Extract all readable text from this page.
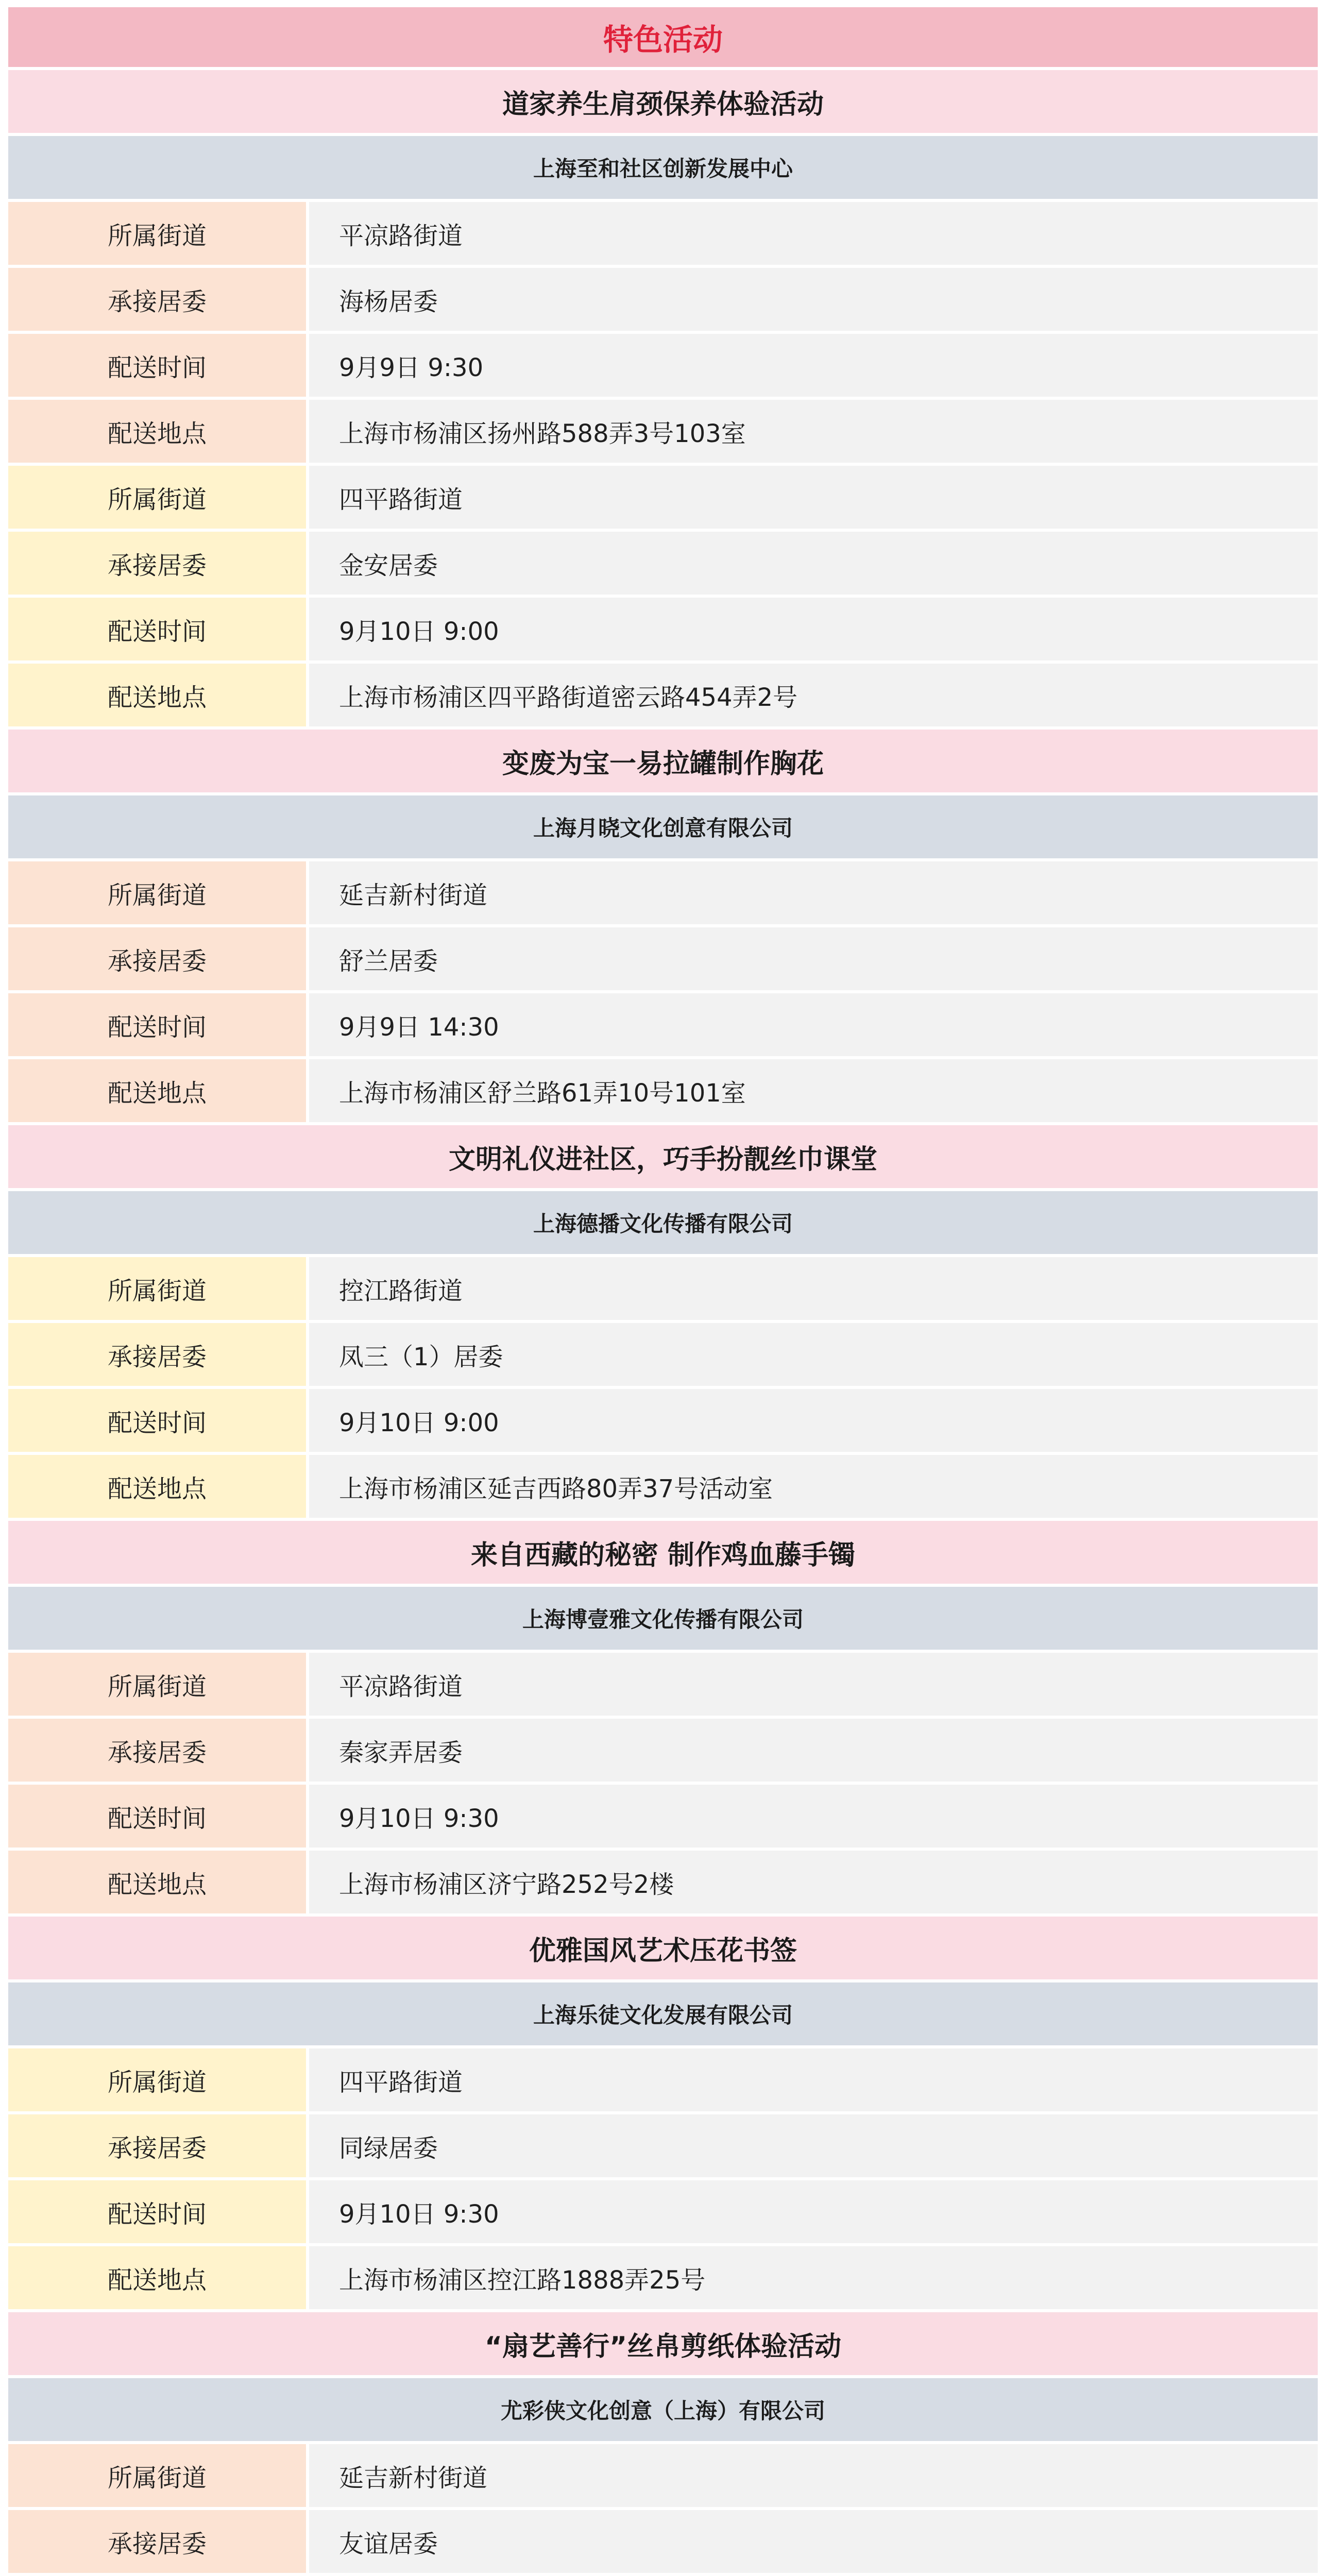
特色活动
道家养生肩颈保养体验活动
上海至和社区创新发展中心
所属街道	平凉路街道
承接居委	海杨居委
配送时间	9月9日 9:30
配送地点	上海市杨浦区扬州路588弄3号103室
所属街道	四平路街道
承接居委	金安居委
配送时间	9月10日 9:00
配送地点	上海市杨浦区四平路街道密云路454弄2号
变废为宝一易拉罐制作胸花
上海月晓文化创意有限公司
所属街道	延吉新村街道
承接居委	舒兰居委
配送时间	9月9日 14:30
配送地点	上海市杨浦区舒兰路61弄10号101室
文明礼仪进社区，巧手扮靓丝巾课堂
上海德播文化传播有限公司
所属街道	控江路街道
承接居委	凤三（1）居委
配送时间	9月10日 9:00
配送地点	上海市杨浦区延吉西路80弄37号活动室
来自西藏的秘密 制作鸡血藤手镯
上海博壹雅文化传播有限公司
所属街道	平凉路街道
承接居委	秦家弄居委
配送时间	9月10日 9:30
配送地点	上海市杨浦区济宁路252号2楼
优雅国风艺术压花书签
上海乐徒文化发展有限公司
所属街道	四平路街道
承接居委	同绿居委
配送时间	9月10日 9:30
配送地点	上海市杨浦区控江路1888弄25号
“扇艺善行”丝帛剪纸体验活动
尤彩侠文化创意（上海）有限公司
所属街道	延吉新村街道
承接居委	友谊居委
